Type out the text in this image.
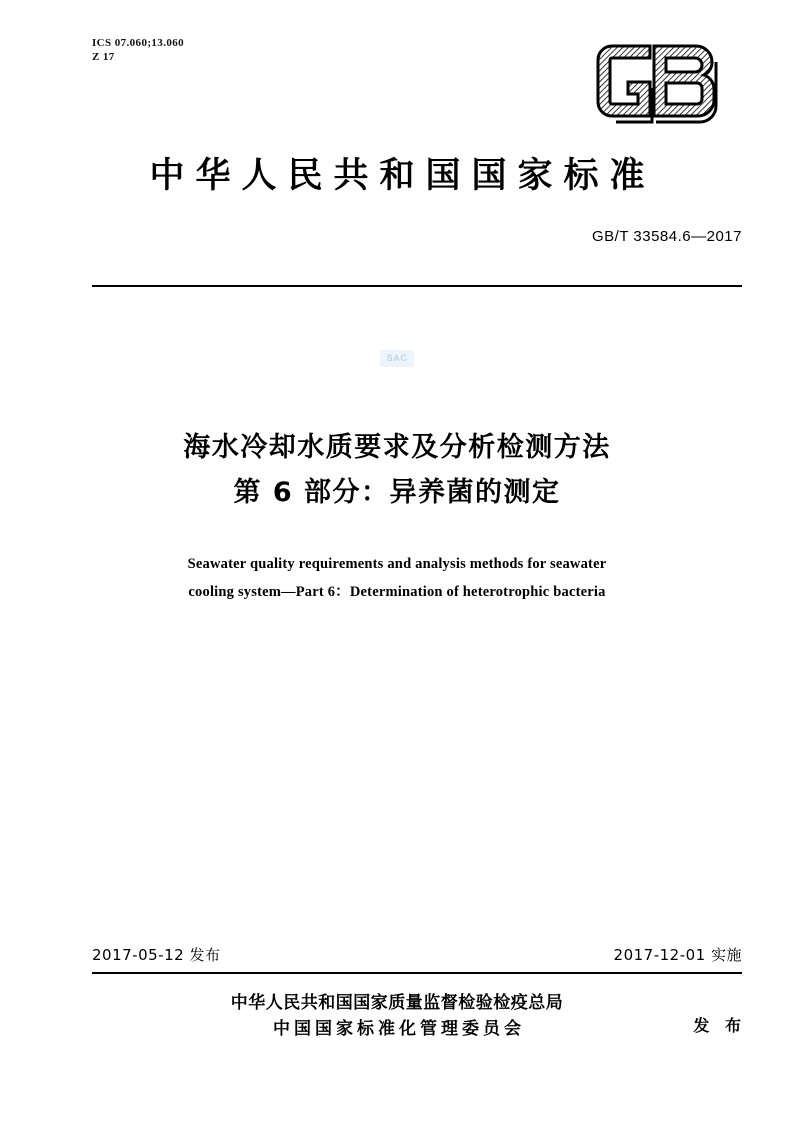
ICS 07.060;13.060
Z 17
中华人民共和国国家标准
GB/T 33584.6—2017
SAC
海水冷却水质要求及分析检测方法
第 6 部分：异养菌的测定
Seawater quality requirements and analysis methods for seawater
cooling system—Part 6：Determination of heterotrophic bacteria
2017-05-12 发布	2017-12-01 实施
中华人民共和国国家质量监督检验检疫总局
中国国家标准化管理委员会	发 布
